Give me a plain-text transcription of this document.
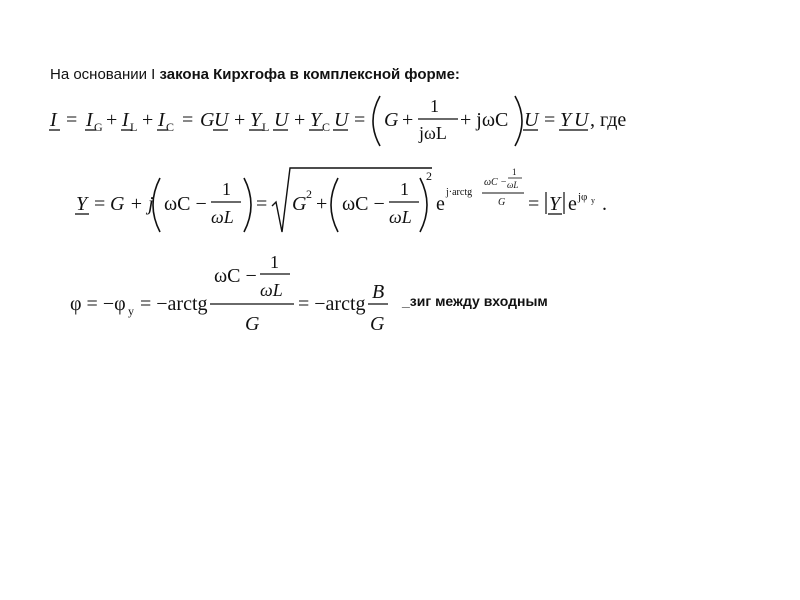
На основании I закона Кирхгофа в комплексной форме:
I = I G + I L + I C = G U + Y L U + Y C U = G +
1
jωL
+ jωC U = Y U , где
Y = G + j ωC −
1
ωL
= G 2 + ωC −
1
ωL
2
e
j·arctg
ωC −
1
ωL
G = Y e jφ y .
φ = −φ y = −arctg
ωC −
1
ωL
G
= −arctg
B
G
_зиг между входным
